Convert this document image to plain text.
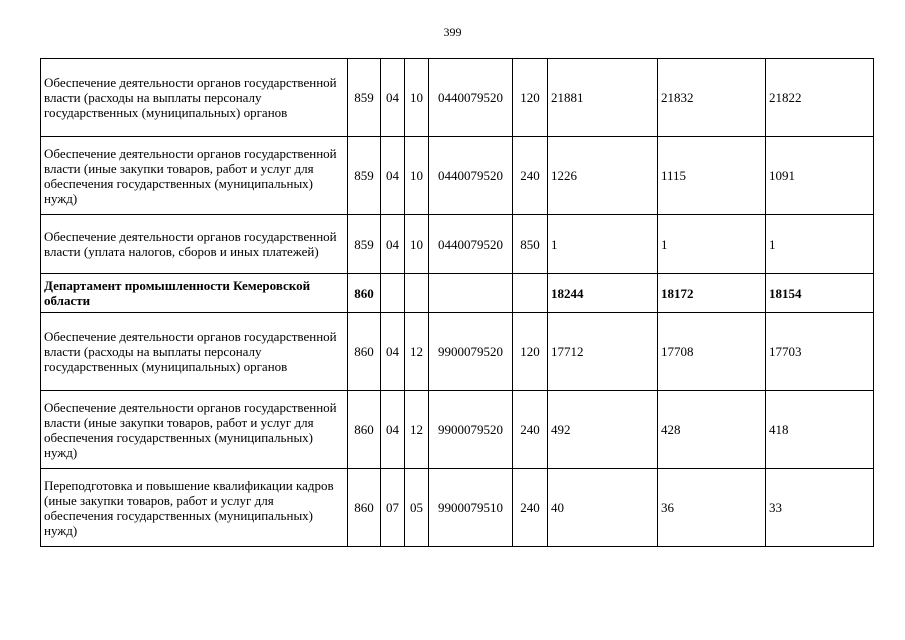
399
Обеспечение деятельности органов государственной власти (расходы на выплаты персоналу государственных (муниципальных) органов	859	04	10	0440079520	120	21881	21832	21822
Обеспечение деятельности органов государственной власти (иные закупки товаров, работ и услуг для обеспечения государственных (муниципальных) нужд)	859	04	10	0440079520	240	1226	1115	1091
Обеспечение деятельности органов государственной власти (уплата налогов, сборов и иных платежей)	859	04	10	0440079520	850	1	1	1
Департамент промышленности Кемеровской области	860					18244	18172	18154
Обеспечение деятельности органов государственной власти (расходы на выплаты персоналу государственных (муниципальных) органов	860	04	12	9900079520	120	17712	17708	17703
Обеспечение деятельности органов государственной власти (иные закупки товаров, работ и услуг для обеспечения государственных (муниципальных) нужд)	860	04	12	9900079520	240	492	428	418
Переподготовка и повышение квалификации кадров (иные закупки товаров, работ и услуг для обеспечения государственных (муниципальных) нужд)	860	07	05	9900079510	240	40	36	33
